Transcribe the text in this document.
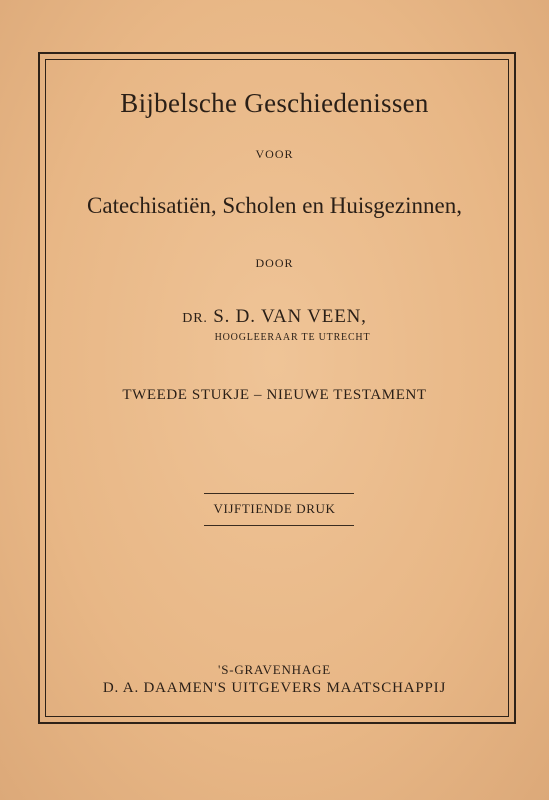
Bijbelsche Geschiedenissen
VOOR
Catechisatiën, Scholen en Huisgezinnen,
DOOR
DR. S. D. VAN VEEN,
HOOGLEERAAR TE UTRECHT
TWEEDE STUKJE – NIEUWE TESTAMENT
VIJFTIENDE DRUK
'S-GRAVENHAGE
D. A. DAAMEN'S UITGEVERS MAATSCHAPPIJ
